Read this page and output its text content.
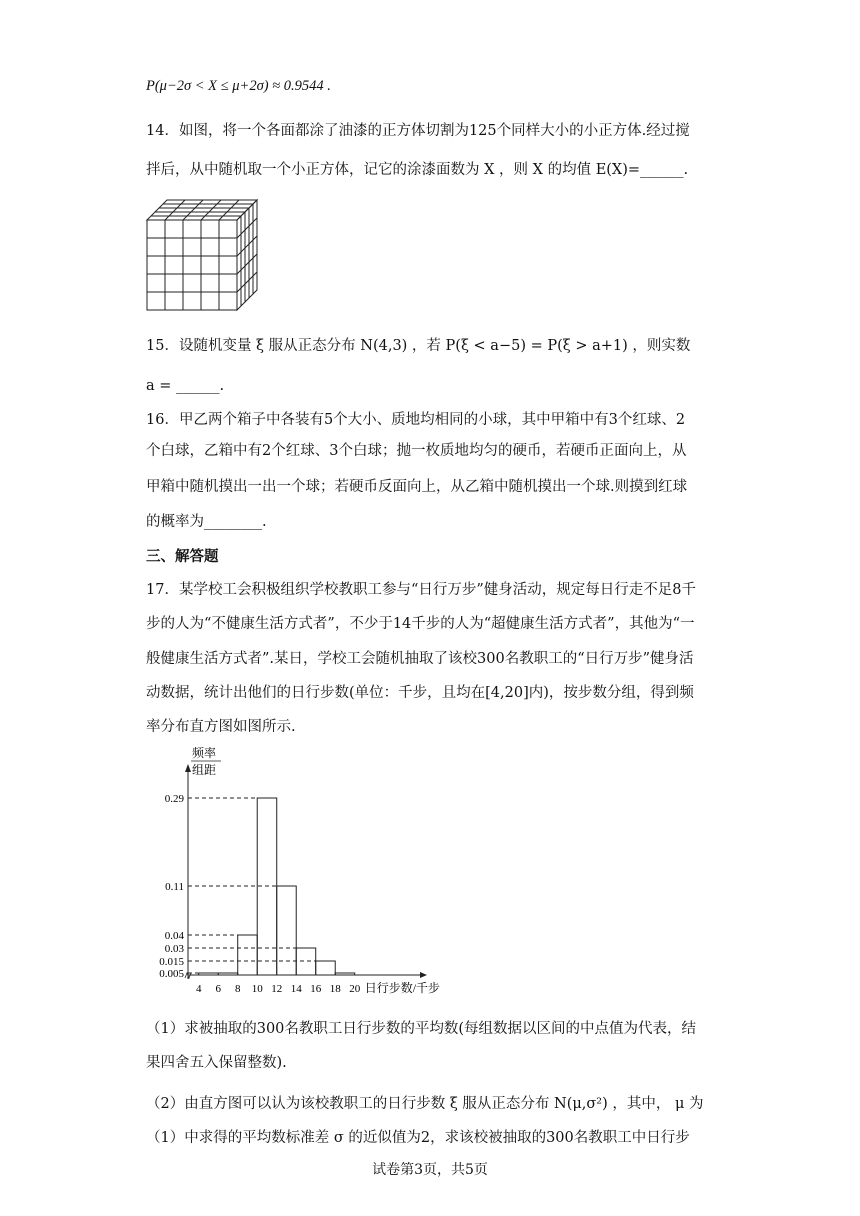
P(μ−2σ < X ≤ μ+2σ) ≈ 0.9544 .
14．如图，将一个各面都涂了油漆的正方体切割为125个同样大小的小正方体.经过搅
拌后，从中随机取一个小正方体，记它的涂漆面数为 X ，则 X 的均值 E(X)=______.
15．设随机变量 ξ 服从正态分布 N(4,3) ，若 P(ξ < a−5) = P(ξ > a+1) ，则实数
a = ______.
16．甲乙两个箱子中各装有5个大小、质地均相同的小球，其中甲箱中有3个红球、2
个白球，乙箱中有2个红球、3个白球；抛一枚质地均匀的硬币，若硬币正面向上，从
甲箱中随机摸出一出一个球；若硬币反面向上，从乙箱中随机摸出一个球.则摸到红球
的概率为________.
三、解答题
17．某学校工会积极组织学校教职工参与“日行万步”健身活动，规定每日行走不足8千
步的人为“不健康生活方式者”，不少于14千步的人为“超健康生活方式者”，其他为“一
般健康生活方式者”.某日，学校工会随机抽取了该校300名教职工的“日行万步”健身活
动数据，统计出他们的日行步数(单位：千步，且均在[4,20]内)，按步数分组，得到频
率分布直方图如图所示.
频率
组距
0.29
0.11
0.04
0.03
0.015
0.005
4 6 8 10 12 14 16 18 20 日行步数/千步
（1）求被抽取的300名教职工日行步数的平均数(每组数据以区间的中点值为代表，结
果四舍五入保留整数).
（2）由直方图可以认为该校教职工的日行步数 ξ 服从正态分布 N(μ,σ²) ，其中， μ 为
（1）中求得的平均数标准差 σ 的近似值为2，求该校被抽取的300名教职工中日行步
试卷第3页，共5页
